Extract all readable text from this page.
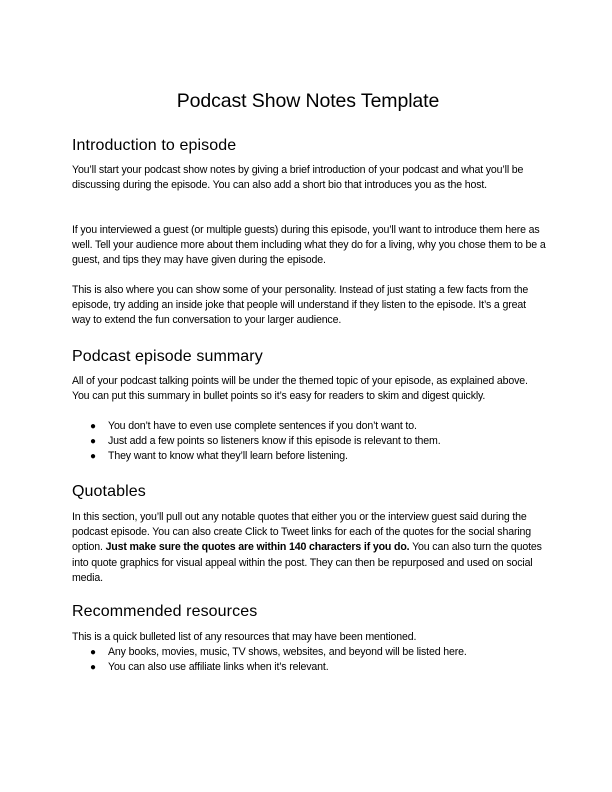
Podcast Show Notes Template
Introduction to episode

You’ll start your podcast show notes by giving a brief introduction of your podcast and what you’ll be discussing during the episode. You can also add a short bio that introduces you as the host.

If you interviewed a guest (or multiple guests) during this episode, you’ll want to introduce them here as well. Tell your audience more about them including what they do for a living, why you chose them to be a guest, and tips they may have given during the episode.

This is also where you can show some of your personality. Instead of just stating a few facts from the episode, try adding an inside joke that people will understand if they listen to the episode. It’s a great way to extend the fun conversation to your larger audience.

Podcast episode summary

All of your podcast talking points will be under the themed topic of your episode, as explained above. You can put this summary in bullet points so it’s easy for readers to skim and digest quickly.

● You don’t have to even use complete sentences if you don’t want to.
● Just add a few points so listeners know if this episode is relevant to them.
● They want to know what they’ll learn before listening.
Quotables

In this section, you’ll pull out any notable quotes that either you or the interview guest said during the podcast episode. You can also create Click to Tweet links for each of the quotes for the social sharing option. Just make sure the quotes are within 140 characters if you do. You can also turn the quotes into quote graphics for visual appeal within the post. They can then be repurposed and used on social media.

Recommended resources

This is a quick bulleted list of any resources that may have been mentioned.

● Any books, movies, music, TV shows, websites, and beyond will be listed here.
● You can also use affiliate links when it’s relevant.
